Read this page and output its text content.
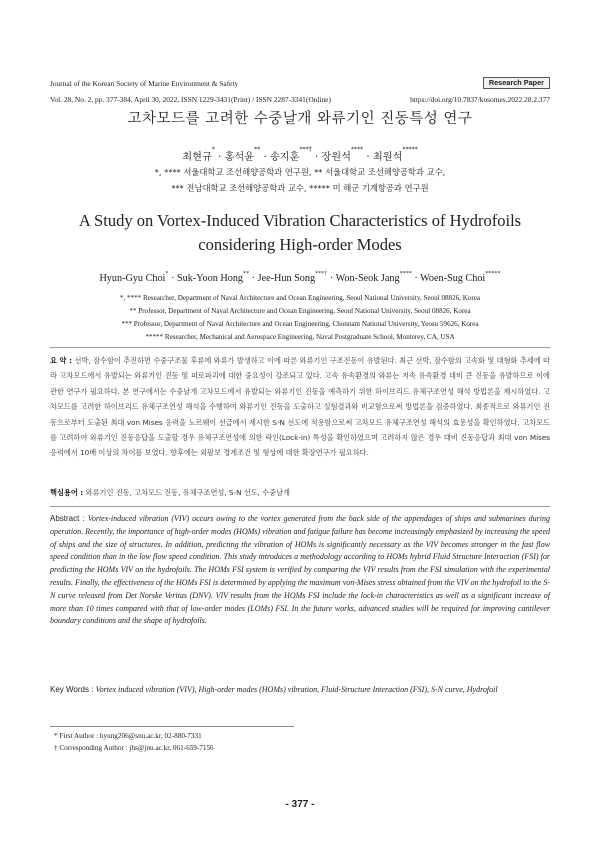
Journal of the Korean Society of Marine Environment & Safety	Research Paper
Vol. 28, No. 2, pp. 377-384, April 30, 2022, ISSN 1229-3431(Print) / ISSN 2287-3341(Online)	https://doi.org/10.7837/kosomes.2022.28.2.377
고차모드를 고려한 수중날개 와류기인 진동특성 연구
최현규* · 홍석윤** · 송지훈***† · 장원석**** · 최원석*****
*, **** 서울대학교 조선해양공학과 연구원, ** 서울대학교 조선해양공학과 교수,
*** 전남대학교 조선해양공학과 교수, ***** 미 해군 기계항공과 연구원
A Study on Vortex-Induced Vibration Characteristics of Hydrofoils
considering High-order Modes
Hyun-Gyu Choi* · Suk-Yoon Hong** · Jee-Hun Song***† · Won-Seok Jang**** · Woen-Sug Choi*****
*, **** Researcher, Department of Naval Architecture and Ocean Engineering, Seoul National University, Seoul 08826, Korea
** Professor, Department of Naval Architecture and Ocean Engineering, Seoul National University, Seoul 08826, Korea
*** Professor, Department of Naval Architecture and Ocean Engineering, Chonnam National University, Yeosu 59626, Korea
***** Researcher, Mechanical and Aerospace Engineering, Naval Postgraduate School, Monterey, CA, USA
요 약 : 선박, 잠수함이 추진하면 수중구조물 후류에 와류가 발생하고 이에 따른 와류기인 구조진동이 유발된다. 최근 선박, 잠수함의 고속화 및 대형화 추세에 따라 고차모드에서 유발되는 와류기인 진동 및 피로파괴에 대한 중요성이 강조되고 있다. 고속 유속환경의 와류는 저속 유속환경 대비 큰 진동을 유발하므로 이에 관한 연구가 필요하다. 본 연구에서는 수중날개 고차모드에서 유발되는 와류기인 진동을 예측하기 위한 하이브리드 유체구조연성 해석 방법론을 제시하였다. 고차모드를 고려한 하이브리드 유체구조연성 해석을 수행하여 와류기인 진동을 도출하고 실험결과와 비교함으로써 방법론을 검증하였다. 최종적으로 와류기인 진동으로부터 도출된 최대 von Mises 응력을 노르웨이 선급에서 제시한 S-N 선도에 적용함으로써 고차모드 유체구조연성 해석의 효용성을 확인하였다. 고차모드를 고려하여 와류기인 진동응답을 도출할 경우 유체구조연성에 의한 락인(Lock-in) 특성을 확인하였으며 고려하지 않은 경우 대비 진동응답과 최대 von Mises 응력에서 10배 이상의 차이를 보였다. 향후에는 외팔보 경계조건 및 형상에 대한 확장연구가 필요하다.
핵심용어 : 와류기인 진동, 고차모드 진동, 유체구조연성, S-N 선도, 수중날개
Abstract : Vortex-induced vibration (VIV) occurs owing to the vortex generated from the back side of the appendages of ships and submarines during operation. Recently, the importance of high-order modes (HOMs) vibration and fatigue failure has become increasingly emphasized by increasing the speed of ships and the size of structures. In addition, predicting the vibration of HOMs is significantly necessary as the VIV becomes stronger in the fast flow speed condition than in the low flow speed condition. This study introduces a methodology according to HOMs hybrid Fluid Structure Interaction (FSI) for predicting the HOMs VIV on the hydrofoils. The HOMs FSI system is verified by comparing the VIV results from the FSI simulation with the experimental results. Finally, the effectiveness of the HOMs FSI is determined by applying the maximum von-Mises stress obtained from the VIV on the hydrofoil to the S-N curve released from Det Norske Veritas (DNV). VIV results from the HOMs FSI include the lock-in characteristics as well as a significant increase of more than 10 times compared with that of low-order modes (LOMs) FSI. In the future works, advanced studies will be required for improving cantilever boundary conditions and the shape of hydrofoils.
Key Words : Vortex induced vibration (VIV), High-order modes (HOMs) vibration, Fluid-Structure Interaction (FSI), S-N curve, Hydrofoil
* First Author : hyung206@snu.ac.kr, 02-880-7331
† Corresponding Author : jhs@jnu.ac.kr, 061-659-7156
- 377 -
